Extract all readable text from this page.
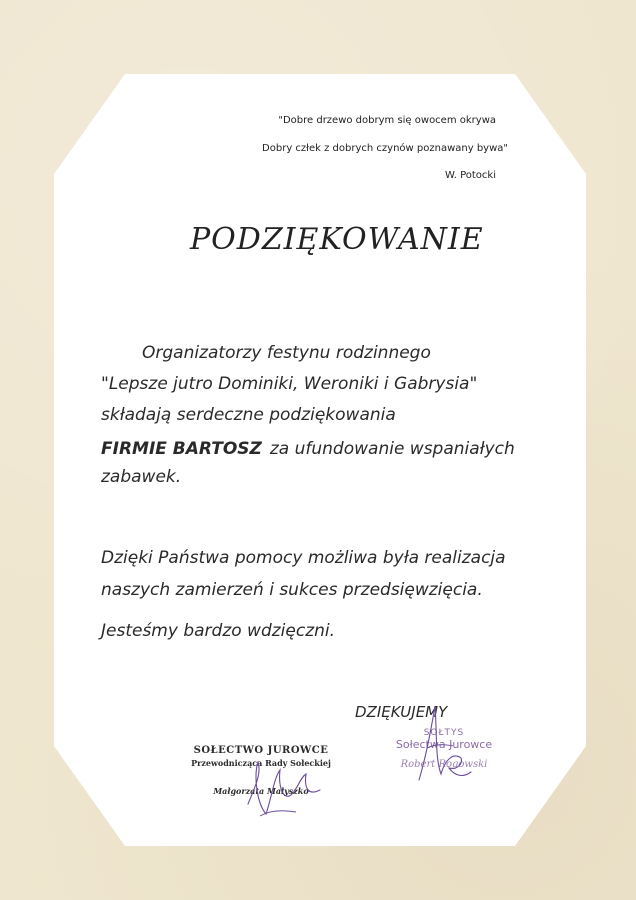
"Dobre drzewo dobrym się owocem okrywa
Dobry człek z dobrych czynów poznawany bywa"
W. Potocki
PODZIĘKOWANIE
Organizatorzy festynu rodzinnego
"Lepsze jutro Dominiki, Weroniki i Gabrysia"
składają serdeczne podziękowania
FIRMIE BARTOSZ za ufundowanie wspaniałych
zabawek.
Dzięki Państwa pomocy możliwa była realizacja
naszych zamierzeń i sukces przedsięwzięcia.
Jesteśmy bardzo wdzięczni.
DZIĘKUJEMY
SOŁECTWO JUROWCE
Przewodnicząca Rady Sołeckiej
Małgorzata Małyszko
SOŁTYS
Sołectwa Jurowce
Robert Rogowski
